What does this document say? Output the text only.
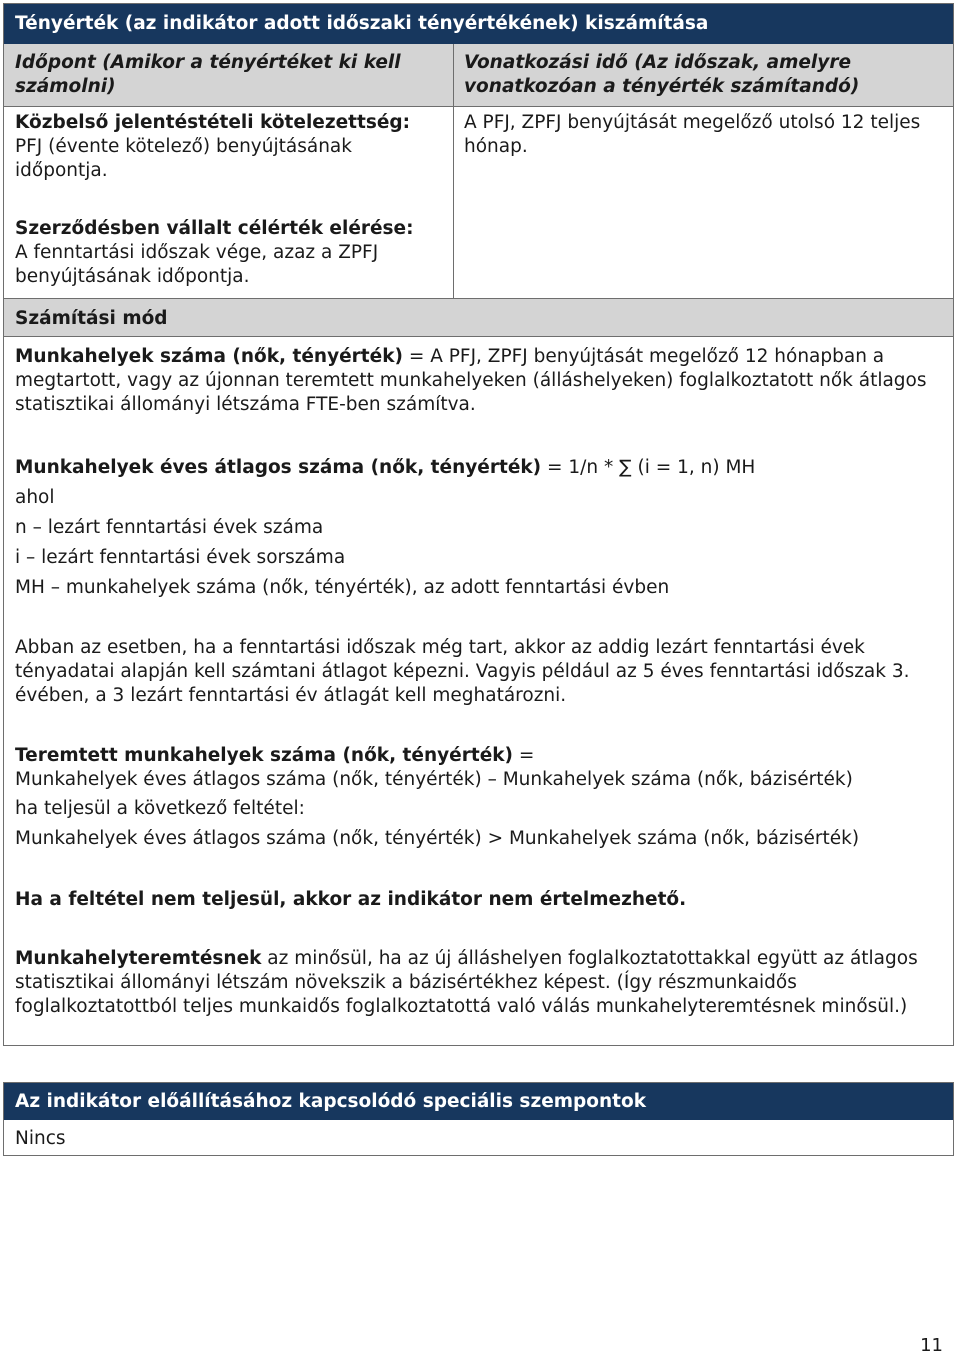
Tényérték (az indikátor adott időszaki tényértékének) kiszámítása
Időpont (Amikor a tényértéket ki kell számolni)
Vonatkozási idő (Az időszak, amelyre vonatkozóan a tényérték számítandó)
Közbelső jelentéstételi kötelezettség:
PFJ (évente kötelező) benyújtásának időpontja.
A PFJ, ZPFJ benyújtását megelőző utolsó 12 teljes hónap.
Szerződésben vállalt célérték elérése:
A fenntartási időszak vége, azaz a ZPFJ benyújtásának időpontja.
Számítási mód
Munkahelyek száma (nők, tényérték) = A PFJ, ZPFJ benyújtását megelőző 12 hónapban a megtartott, vagy az újonnan teremtett munkahelyeken (álláshelyeken) foglalkoztatott nők átlagos statisztikai állományi létszáma FTE-ben számítva.
Munkahelyek éves átlagos száma (nők, tényérték) = 1/n * ∑ (i = 1, n) MH
ahol
n – lezárt fenntartási évek száma
i – lezárt fenntartási évek sorszáma
MH – munkahelyek száma (nők, tényérték), az adott fenntartási évben
Abban az esetben, ha a fenntartási időszak még tart, akkor az addig lezárt fenntartási évek tényadatai alapján kell számtani átlagot képezni. Vagyis például az 5 éves fenntartási időszak 3. évében, a 3 lezárt fenntartási év átlagát kell meghatározni.
Teremtett munkahelyek száma (nők, tényérték) =
Munkahelyek éves átlagos száma (nők, tényérték) – Munkahelyek száma (nők, bázisérték)
ha teljesül a következő feltétel:
Munkahelyek éves átlagos száma (nők, tényérték) > Munkahelyek száma (nők, bázisérték)
Ha a feltétel nem teljesül, akkor az indikátor nem értelmezhető.
Munkahelyteremtésnek az minősül, ha az új álláshelyen foglalkoztatottakkal együtt az átlagos statisztikai állományi létszám növekszik a bázisértékhez képest. (Így részmunkaidős foglalkoztatottból teljes munkaidős foglalkoztatottá való válás munkahelyteremtésnek minősül.)
Az indikátor előállításához kapcsolódó speciális szempontok
Nincs
11
